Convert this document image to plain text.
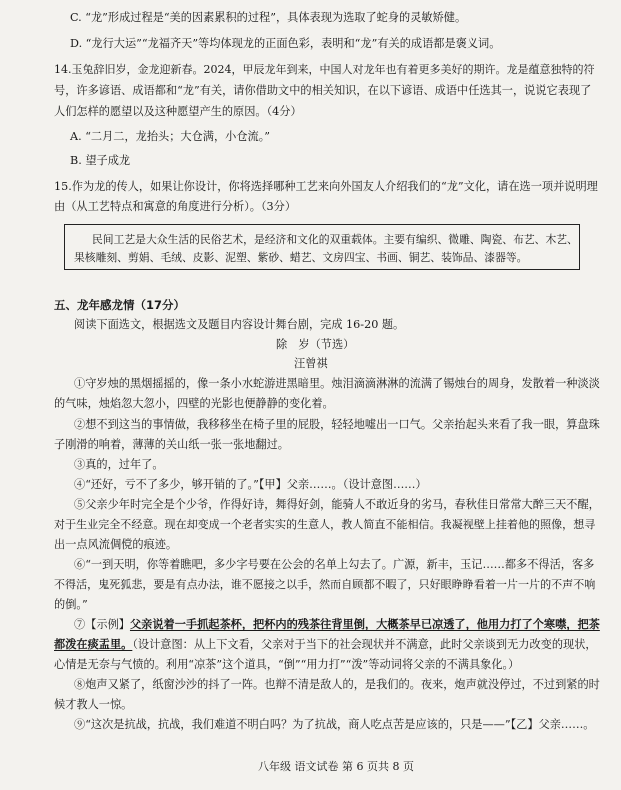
C. “龙”形成过程是“美的因素累积的过程”，具体表现为选取了蛇身的灵敏矫健。
D. “龙行大运”“龙福齐天”等均体现龙的正面色彩，表明和“龙”有关的成语都是褒义词。
14.玉兔辞旧岁，金龙迎新春。2024，甲辰龙年到来，中国人对龙年也有着更多美好的期许。龙是蕴意独特的符
号，许多谚语、成语都和“龙”有关，请你借助文中的相关知识，在以下谚语、成语中任选其一，说说它表现了
人们怎样的愿望以及这种愿望产生的原因。（4分）
A. “二月二，龙抬头；大仓满，小仓流。”
B. 望子成龙
15.作为龙的传人，如果让你设计，你将选择哪种工艺来向外国友人介绍我们的“龙”文化，请在选一项并说明理
由（从工艺特点和寓意的角度进行分析）。（3分）
民间工艺是大众生活的民俗艺术，是经济和文化的双重载体。主要有编织、微雕、陶瓷、布艺、木艺、
果核雕刻、剪娟、毛绒、皮影、泥塑、紫砂、蜡艺、文房四宝、书画、铜艺、装饰品、漆器等。
五、龙年感龙情（17分）
阅读下面选文，根据选文及题目内容设计舞台剧，完成 16-20 题。
除　岁（节选）
汪曾祺
①守岁烛的黑烟摇摇的，像一条小水蛇游进黑暗里。烛泪滴滴淋淋的流满了锡烛台的周身，发散着一种淡淡
的气味，烛焰忽大忽小，四壁的光影也便静静的变化着。
②想不到这当的事情做，我移移坐在椅子里的屁股，轻轻地嘘出一口气。父亲抬起头来看了我一眼，算盘珠
子刚滑的响着，薄薄的关山纸一张一张地翻过。
③真的，过年了。
④“还好，亏不了多少，够开销的了。”【甲】父亲……。（设计意图……）
⑤父亲少年时完全是个少爷，作得好诗，舞得好剑，能骑人不敢近身的劣马，春秋佳日常常大醉三天不醒，
对于生业完全不经意。现在却变成一个老者实实的生意人，教人简直不能相信。我凝视壁上挂着他的照像，想寻
出一点风流倜傥的痕迹。
⑥“一到天明，你等着瞧吧，多少字号要在公会的名单上勾去了。广源，新丰，玉记……都多不得活，客多
不得活，鬼死狐悲，要是有点办法，谁不愿接之以手，然而自顾都不暇了，只好眼睁睁看着一片一片的不声不响
的倒。”
⑦【示例】父亲说着一手抓起茶杯，把杯内的残茶往背里倒，大概茶早已凉透了，他用力打了个寒噤，把茶
都泼在痰盂里。（设计意图：从上下文看，父亲对于当下的社会现状并不满意，此时父亲谈到无力改变的现状，
心情是无奈与气愤的。利用“凉茶”这个道具，“倒”“用力打”“泼”等动词将父亲的不满具象化。）
⑧炮声又紧了，纸窗沙沙的抖了一阵。也辩不清是敌人的，是我们的。夜来，炮声就没停过，不过到紧的时
候才教人一惊。
⑨“这次是抗战，抗战，我们难道不明白吗？为了抗战，商人吃点苦是应该的，只是——”【乙】父亲……。
八年级 语文试卷 第 6 页共 8 页
